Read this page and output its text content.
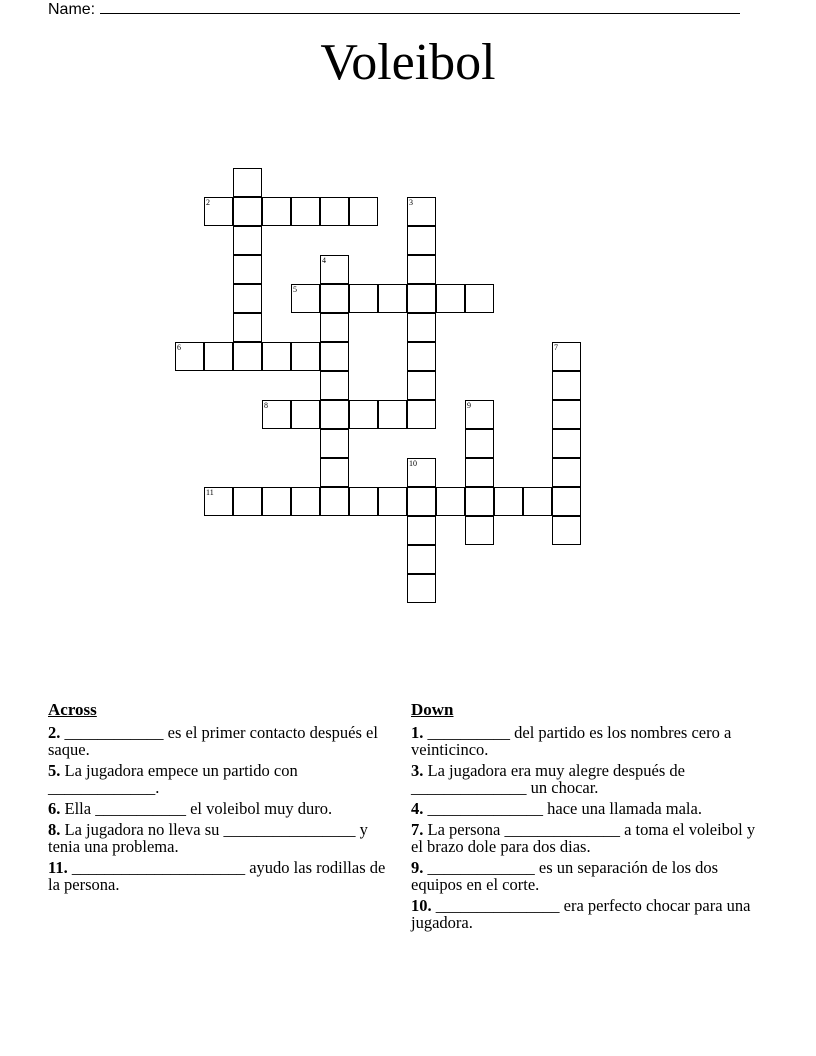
Name:
Voleibol
2	3
4
5
6	7
8	9
10
11
Across
2. ____________ es el primer contacto después el saque.
5. La jugadora empece un partido con _____________.
6. Ella ___________ el voleibol muy duro.
8. La jugadora no lleva su ________________ y tenia una problema.
11. _____________________ ayudo las rodillas de la persona.
Down
1. __________ del partido es los nombres cero a veinticinco.
3. La jugadora era muy alegre después de ______________ un chocar.
4. ______________ hace una llamada mala.
7. La persona ______________ a toma el voleibol y el brazo dole para dos dias.
9. _____________ es un separación de los dos equipos en el corte.
10. _______________ era perfecto chocar para una jugadora.
